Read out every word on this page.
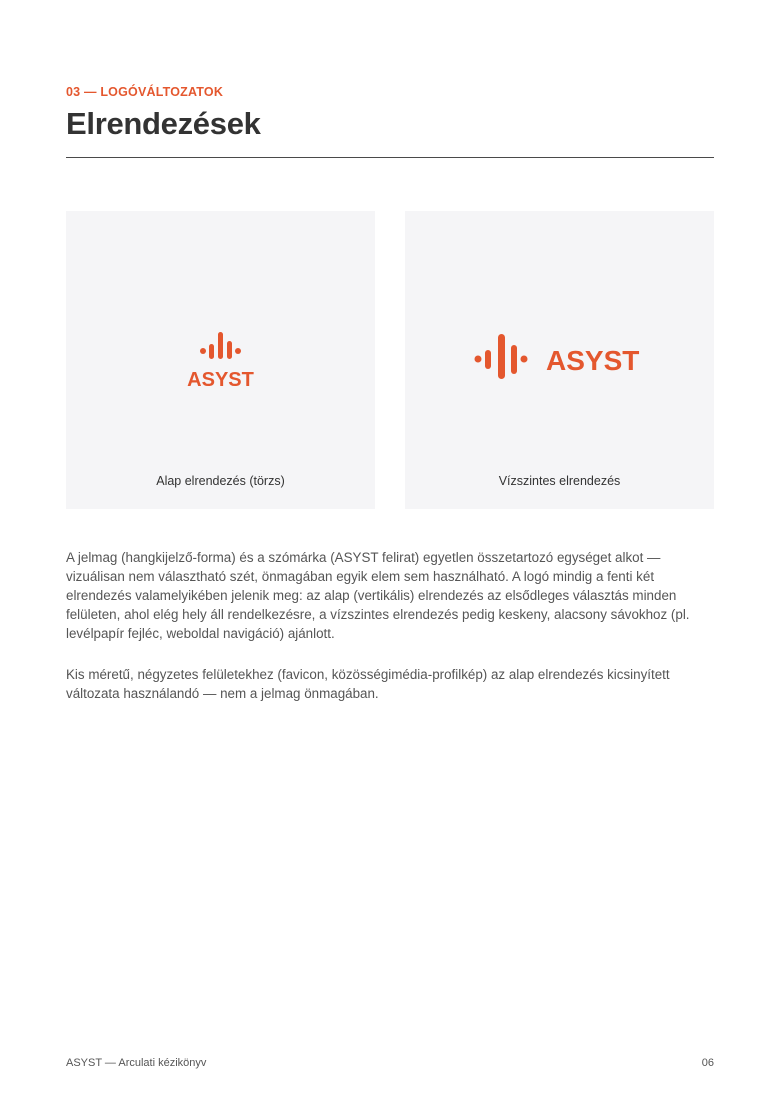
03 — LOGÓVÁLTOZATOK
Elrendezések
ASYST
Alap elrendezés (törzs)
ASYST
Vízszintes elrendezés

A jelmag (hangkijelző-forma) és a szómárka (ASYST felirat) egyetlen összetartozó egységet alkot — vizuálisan nem választható szét, önmagában egyik elem sem használható. A logó mindig a fenti két elrendezés valamelyikében jelenik meg: az alap (vertikális) elrendezés az elsődleges választás minden felületen, ahol elég hely áll rendelkezésre, a vízszintes elrendezés pedig keskeny, alacsony sávokhoz (pl. levélpapír fejléc, weboldal navigáció) ajánlott.

Kis méretű, négyzetes felületekhez (favicon, közösségimédia-profilkép) az alap elrendezés kicsinyített változata használandó — nem a jelmag önmagában.

ASYST — Arculati kézikönyv	06
